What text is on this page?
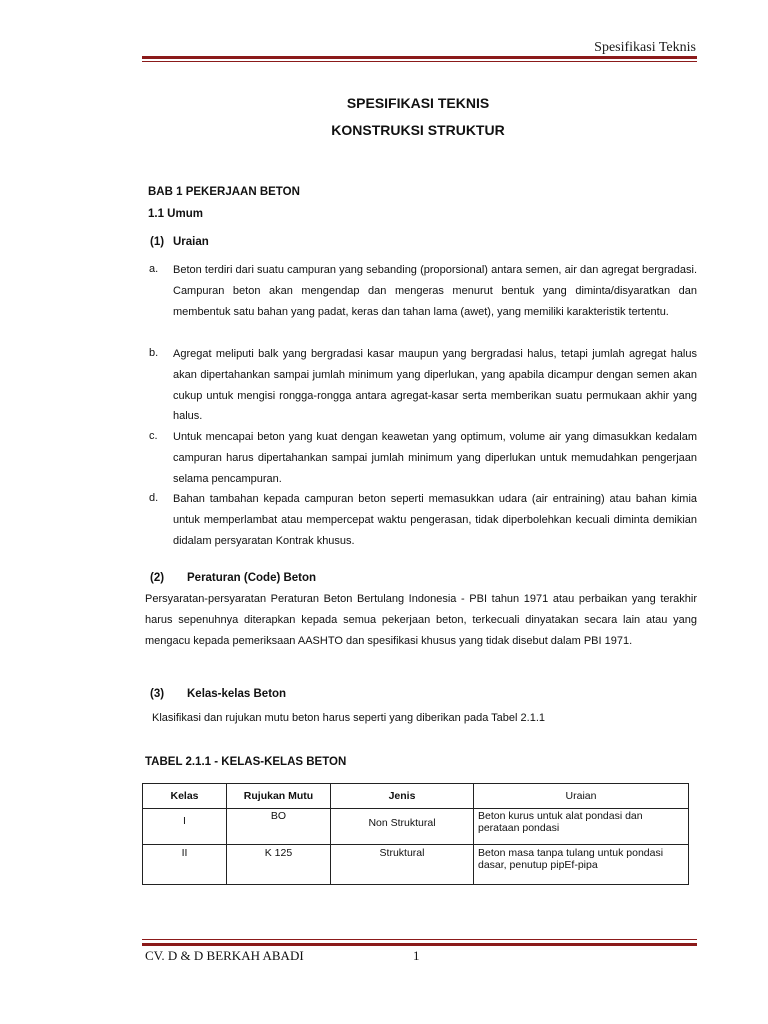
Spesifikasi Teknis
SPESIFIKASI TEKNIS
KONSTRUKSI STRUKTUR
BAB 1 PEKERJAAN BETON
1.1 Umum
(1) Uraian
a. Beton terdiri dari suatu campuran yang sebanding (proporsional) antara semen, air dan agregat bergradasi. Campuran beton akan mengendap dan mengeras menurut bentuk yang diminta/disyaratkan dan membentuk satu bahan yang padat, keras dan tahan lama (awet), yang memiliki karakteristik tertentu.
b. Agregat meliputi balk yang bergradasi kasar maupun yang bergradasi halus, tetapi jumlah agregat halus akan dipertahankan sampai jumlah minimum yang diperlukan, yang apabila dicampur dengan semen akan cukup untuk mengisi rongga-rongga antara agregat-kasar serta memberikan suatu permukaan akhir yang halus.
c. Untuk mencapai beton yang kuat dengan keawetan yang optimum, volume air yang dimasukkan kedalam campuran harus dipertahankan sampai jumlah minimum yang diperlukan untuk memudahkan pengerjaan selama pencampuran.
d. Bahan tambahan kepada campuran beton seperti memasukkan udara (air entraining) atau bahan kimia untuk memperlambat atau mempercepat waktu pengerasan, tidak diperbolehkan kecuali diminta demikian didalam persyaratan Kontrak khusus.
(2) Peraturan (Code) Beton
Persyaratan-persyaratan Peraturan Beton Bertulang Indonesia - PBI tahun 1971 atau perbaikan yang terakhir harus sepenuhnya diterapkan kepada semua pekerjaan beton, terkecuali dinyatakan secara lain atau yang mengacu kepada pemeriksaan AASHTO dan spesifikasi khusus yang tidak disebut dalam PBI 1971.
(3) Kelas-kelas Beton
Klasifikasi dan rujukan mutu beton harus seperti yang diberikan pada Tabel 2.1.1
TABEL 2.1.1 - KELAS-KELAS BETON
Kelas	Rujukan Mutu	Jenis	Uraian
I	BO	Non Struktural	Beton kurus untuk alat pondasi dan perataan pondasi
II	K 125	Struktural	Beton masa tanpa tulang untuk pondasi dasar, penutup pipEf-pipa
CV. D & D BERKAH ABADI	1
